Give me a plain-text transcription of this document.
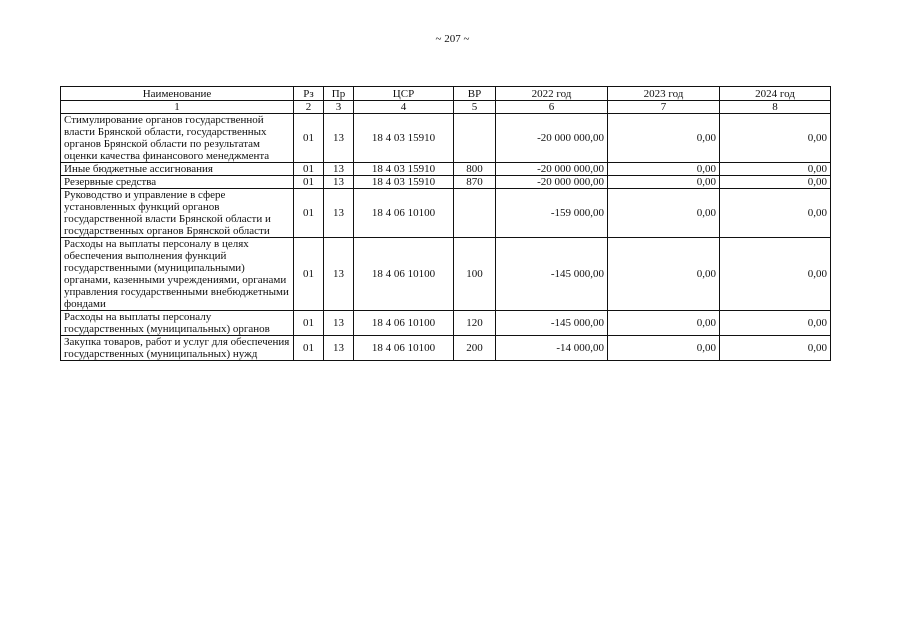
~ 207 ~
Наименование	Рз	Пр	ЦСР	ВР	2022 год	2023 год	2024 год
1	2	3	4	5	6	7	8
Стимулирование органов государственной власти Брянской области, государственных органов Брянской области по результатам оценки качества финансового менеджмента	01	13	18 4 03 15910		-20 000 000,00	0,00	0,00
Иные бюджетные ассигнования	01	13	18 4 03 15910	800	-20 000 000,00	0,00	0,00
Резервные средства	01	13	18 4 03 15910	870	-20 000 000,00	0,00	0,00
Руководство и управление в сфере установленных функций органов государственной власти Брянской области и государственных органов Брянской области	01	13	18 4 06 10100		-159 000,00	0,00	0,00
Расходы на выплаты персоналу в целях обеспечения выполнения функций государственными (муниципальными) органами, казенными учреждениями, органами управления государственными внебюджетными фондами	01	13	18 4 06 10100	100	-145 000,00	0,00	0,00
Расходы на выплаты персоналу государственных (муниципальных) органов	01	13	18 4 06 10100	120	-145 000,00	0,00	0,00
Закупка товаров, работ и услуг для обеспечения государственных (муниципальных) нужд	01	13	18 4 06 10100	200	-14 000,00	0,00	0,00
